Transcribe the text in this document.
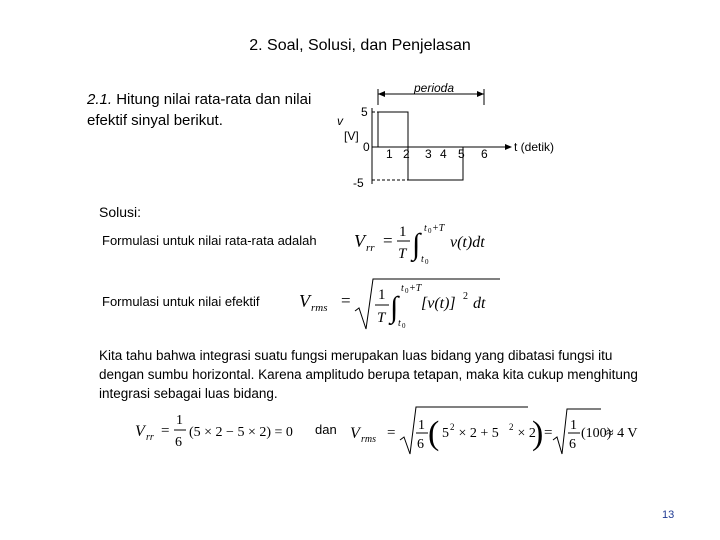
2. Soal, Solusi, dan Penjelasan
2.1. Hitung nilai rata-rata dan nilai efektif sinyal berikut.
perioda
v
[V]
5
0
-5
1 2 3 4 5 6 t (detik)
Solusi:
Formulasi untuk nilai rata-rata adalah V rr = 1
T ∫ t 0 +T
t 0
v(t)dt
Formulasi untuk nilai efektif V rms = 1
T ∫
t 0 +T
t 0
[v(t)] 2 dt
Kita tahu bahwa integrasi suatu fungsi merupakan luas bidang yang dibatasi fungsi itu dengan sumbu horizontal. Karena amplitudo berupa tetapan, maka kita cukup menghitung integrasi sebagai luas bidang.
V rr =
1
6
(5 × 2 − 5 × 2) = 0 dan V rms = 1
6 ( 5 2 × 2 + 5 2 × 2
) = 1
6
(100)
≈ 4 V
13
